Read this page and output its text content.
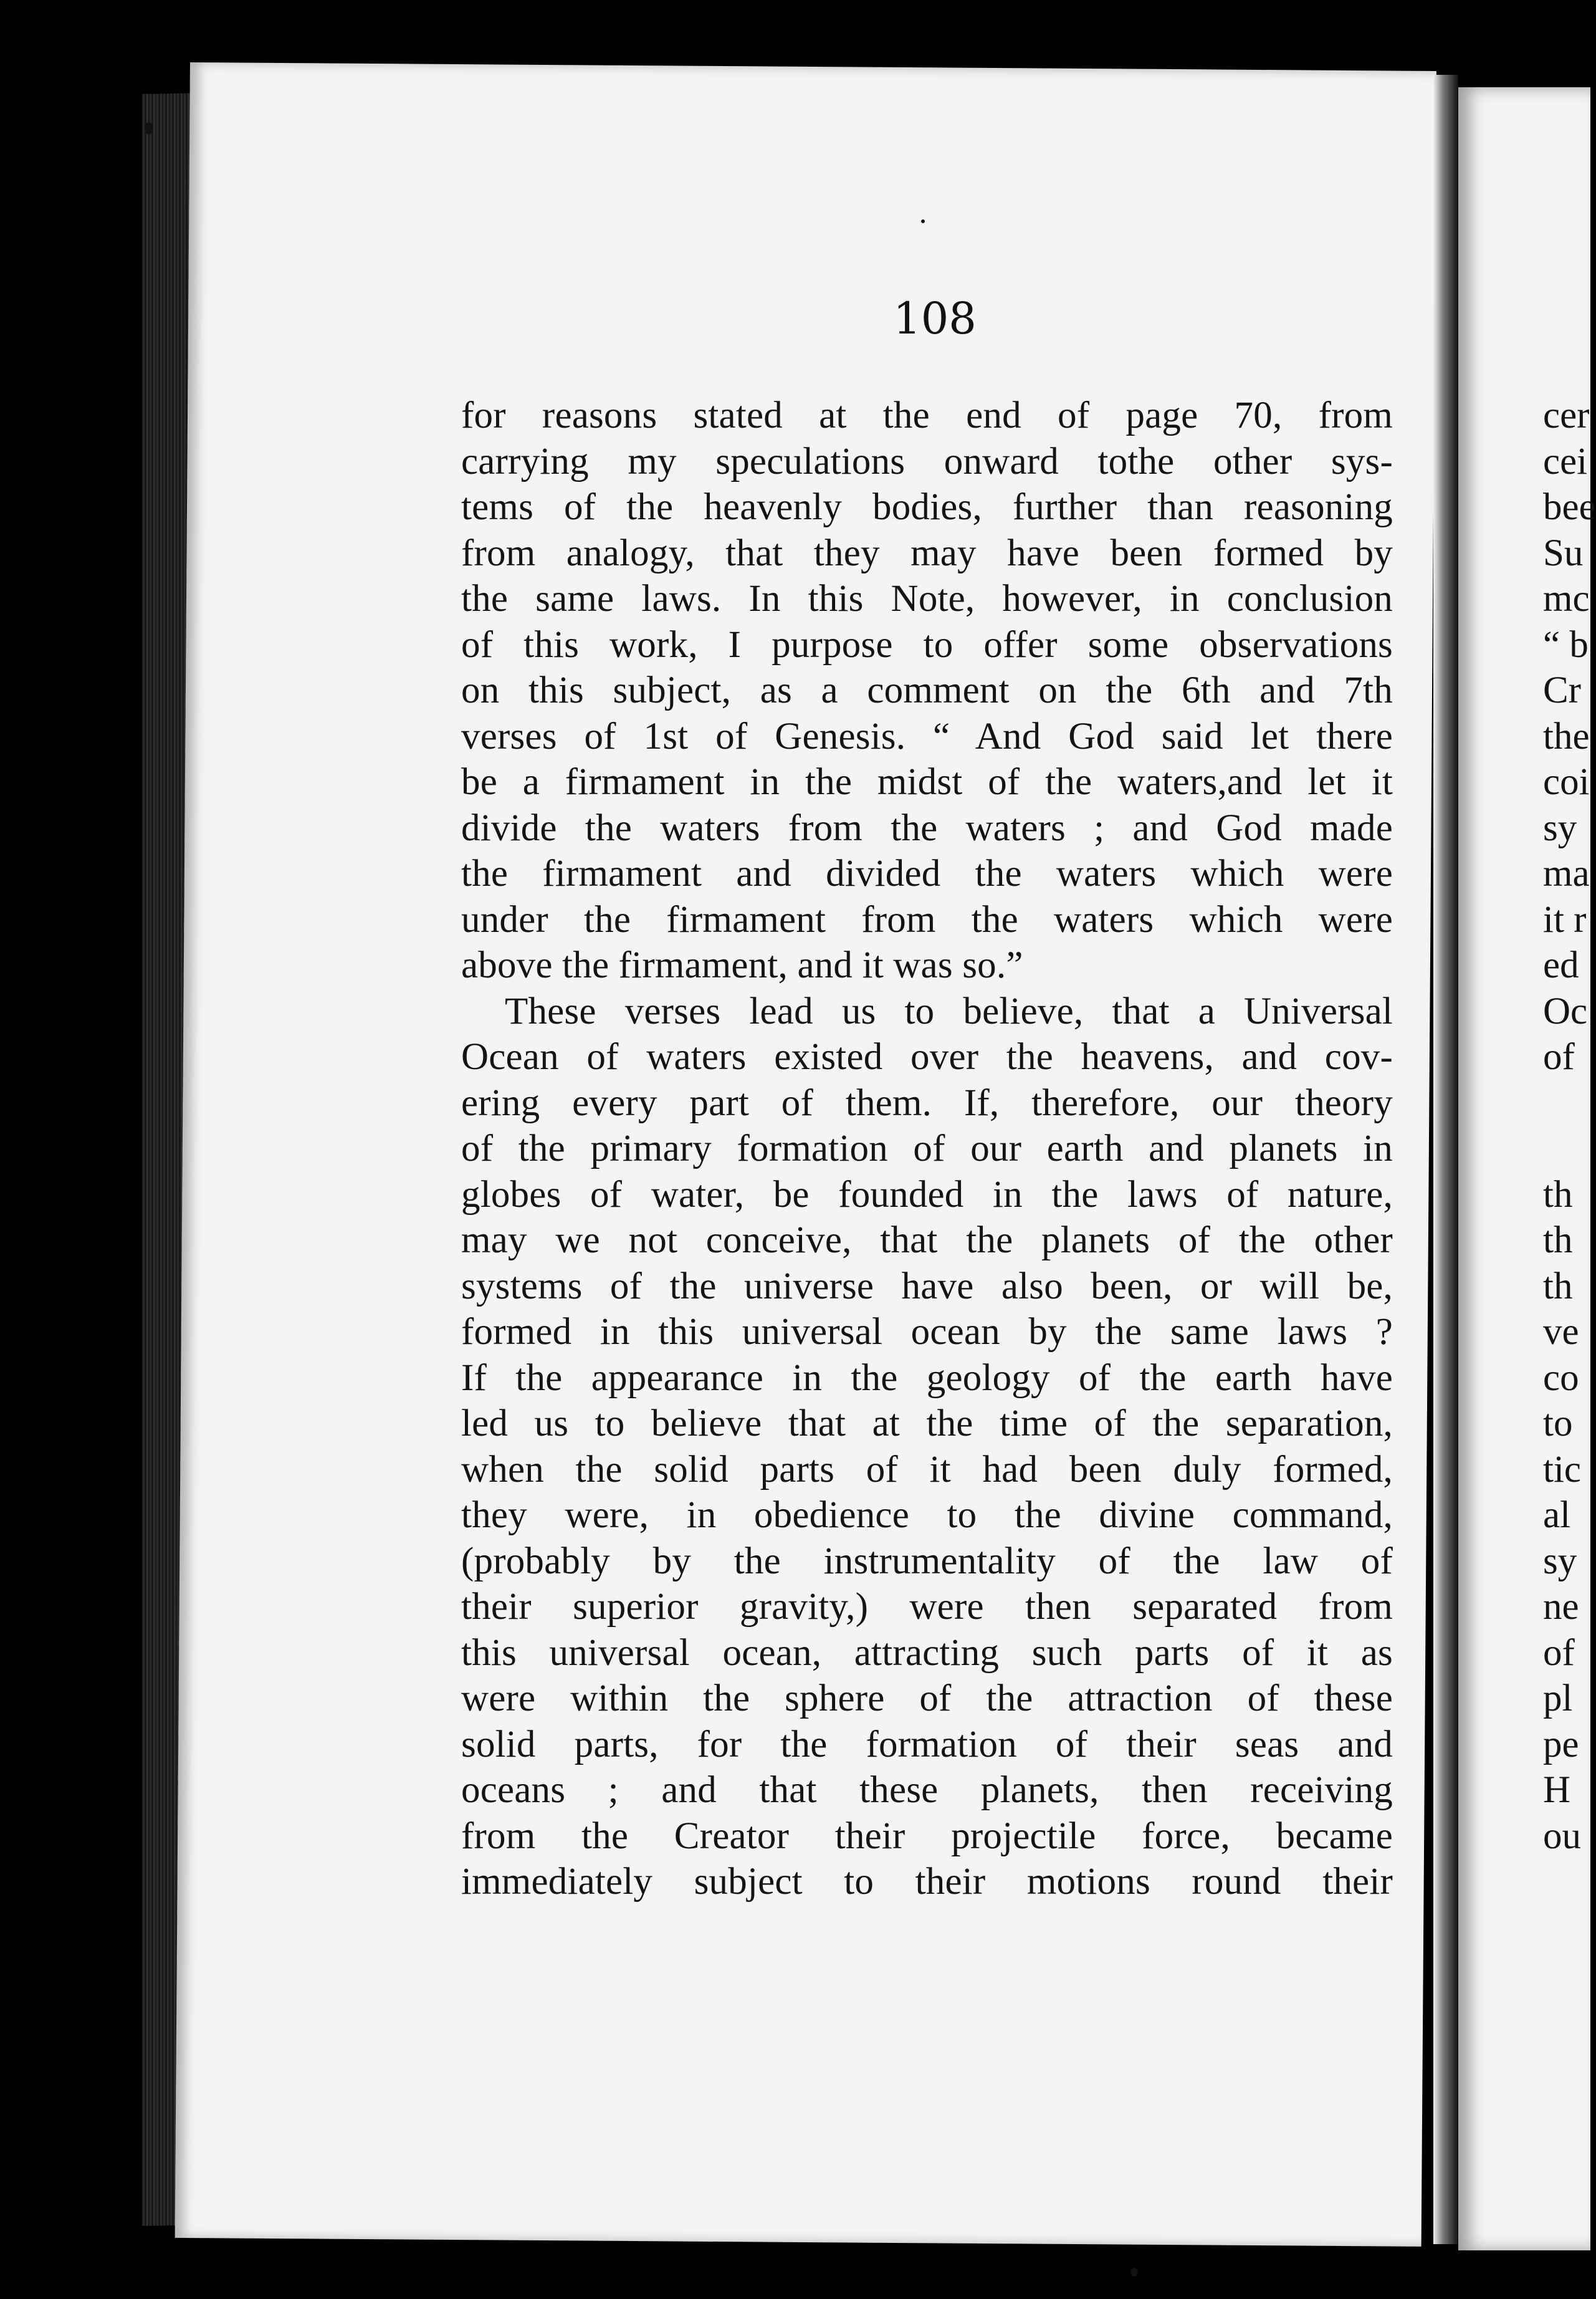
108

for reasons stated at the end of page 70, from
carrying my speculations onward tothe other sys-
tems of the heavenly bodies, further than reasoning
from analogy, that they may have been formed by
the same laws. In this Note, however, in conclusion
of this work, I purpose to offer some observations
on this subject, as a comment on the 6th and 7th
verses of 1st of Genesis. “ And God said let there
be a firmament in the midst of the waters,and let it
divide the waters from the waters ; and God made
the firmament and divided the waters which were
under the firmament from the waters which were
above the firmament, and it was so.”

These verses lead us to believe, that a Universal
Ocean of waters existed over the heavens, and cov-
ering every part of them. If, therefore, our theory
of the primary formation of our earth and planets in
globes of water, be founded in the laws of nature,
may we not conceive, that the planets of the other
systems of the universe have also been, or will be,
formed in this universal ocean by the same laws ?
If the appearance in the geology of the earth have
led us to believe that at the time of the separation,
when the solid parts of it had been duly formed,
they were, in obedience to the divine command,
(probably by the instrumentality of the law of
their superior gravity,) were then separated from
this universal ocean, attracting such parts of it as
were within the sphere of the attraction of these
solid parts, for the formation of their seas and
oceans ; and that these planets, then receiving
from the Creator their projectile force, became
immediately subject to their motions round their

cer
cei
bee
Su
mc
“ b
Cr
the
coi
sy
ma
it r
ed
Oc
of
th
th
th
ve
co
to
tic
al
sy
ne
of
pl
pe
H
ou
